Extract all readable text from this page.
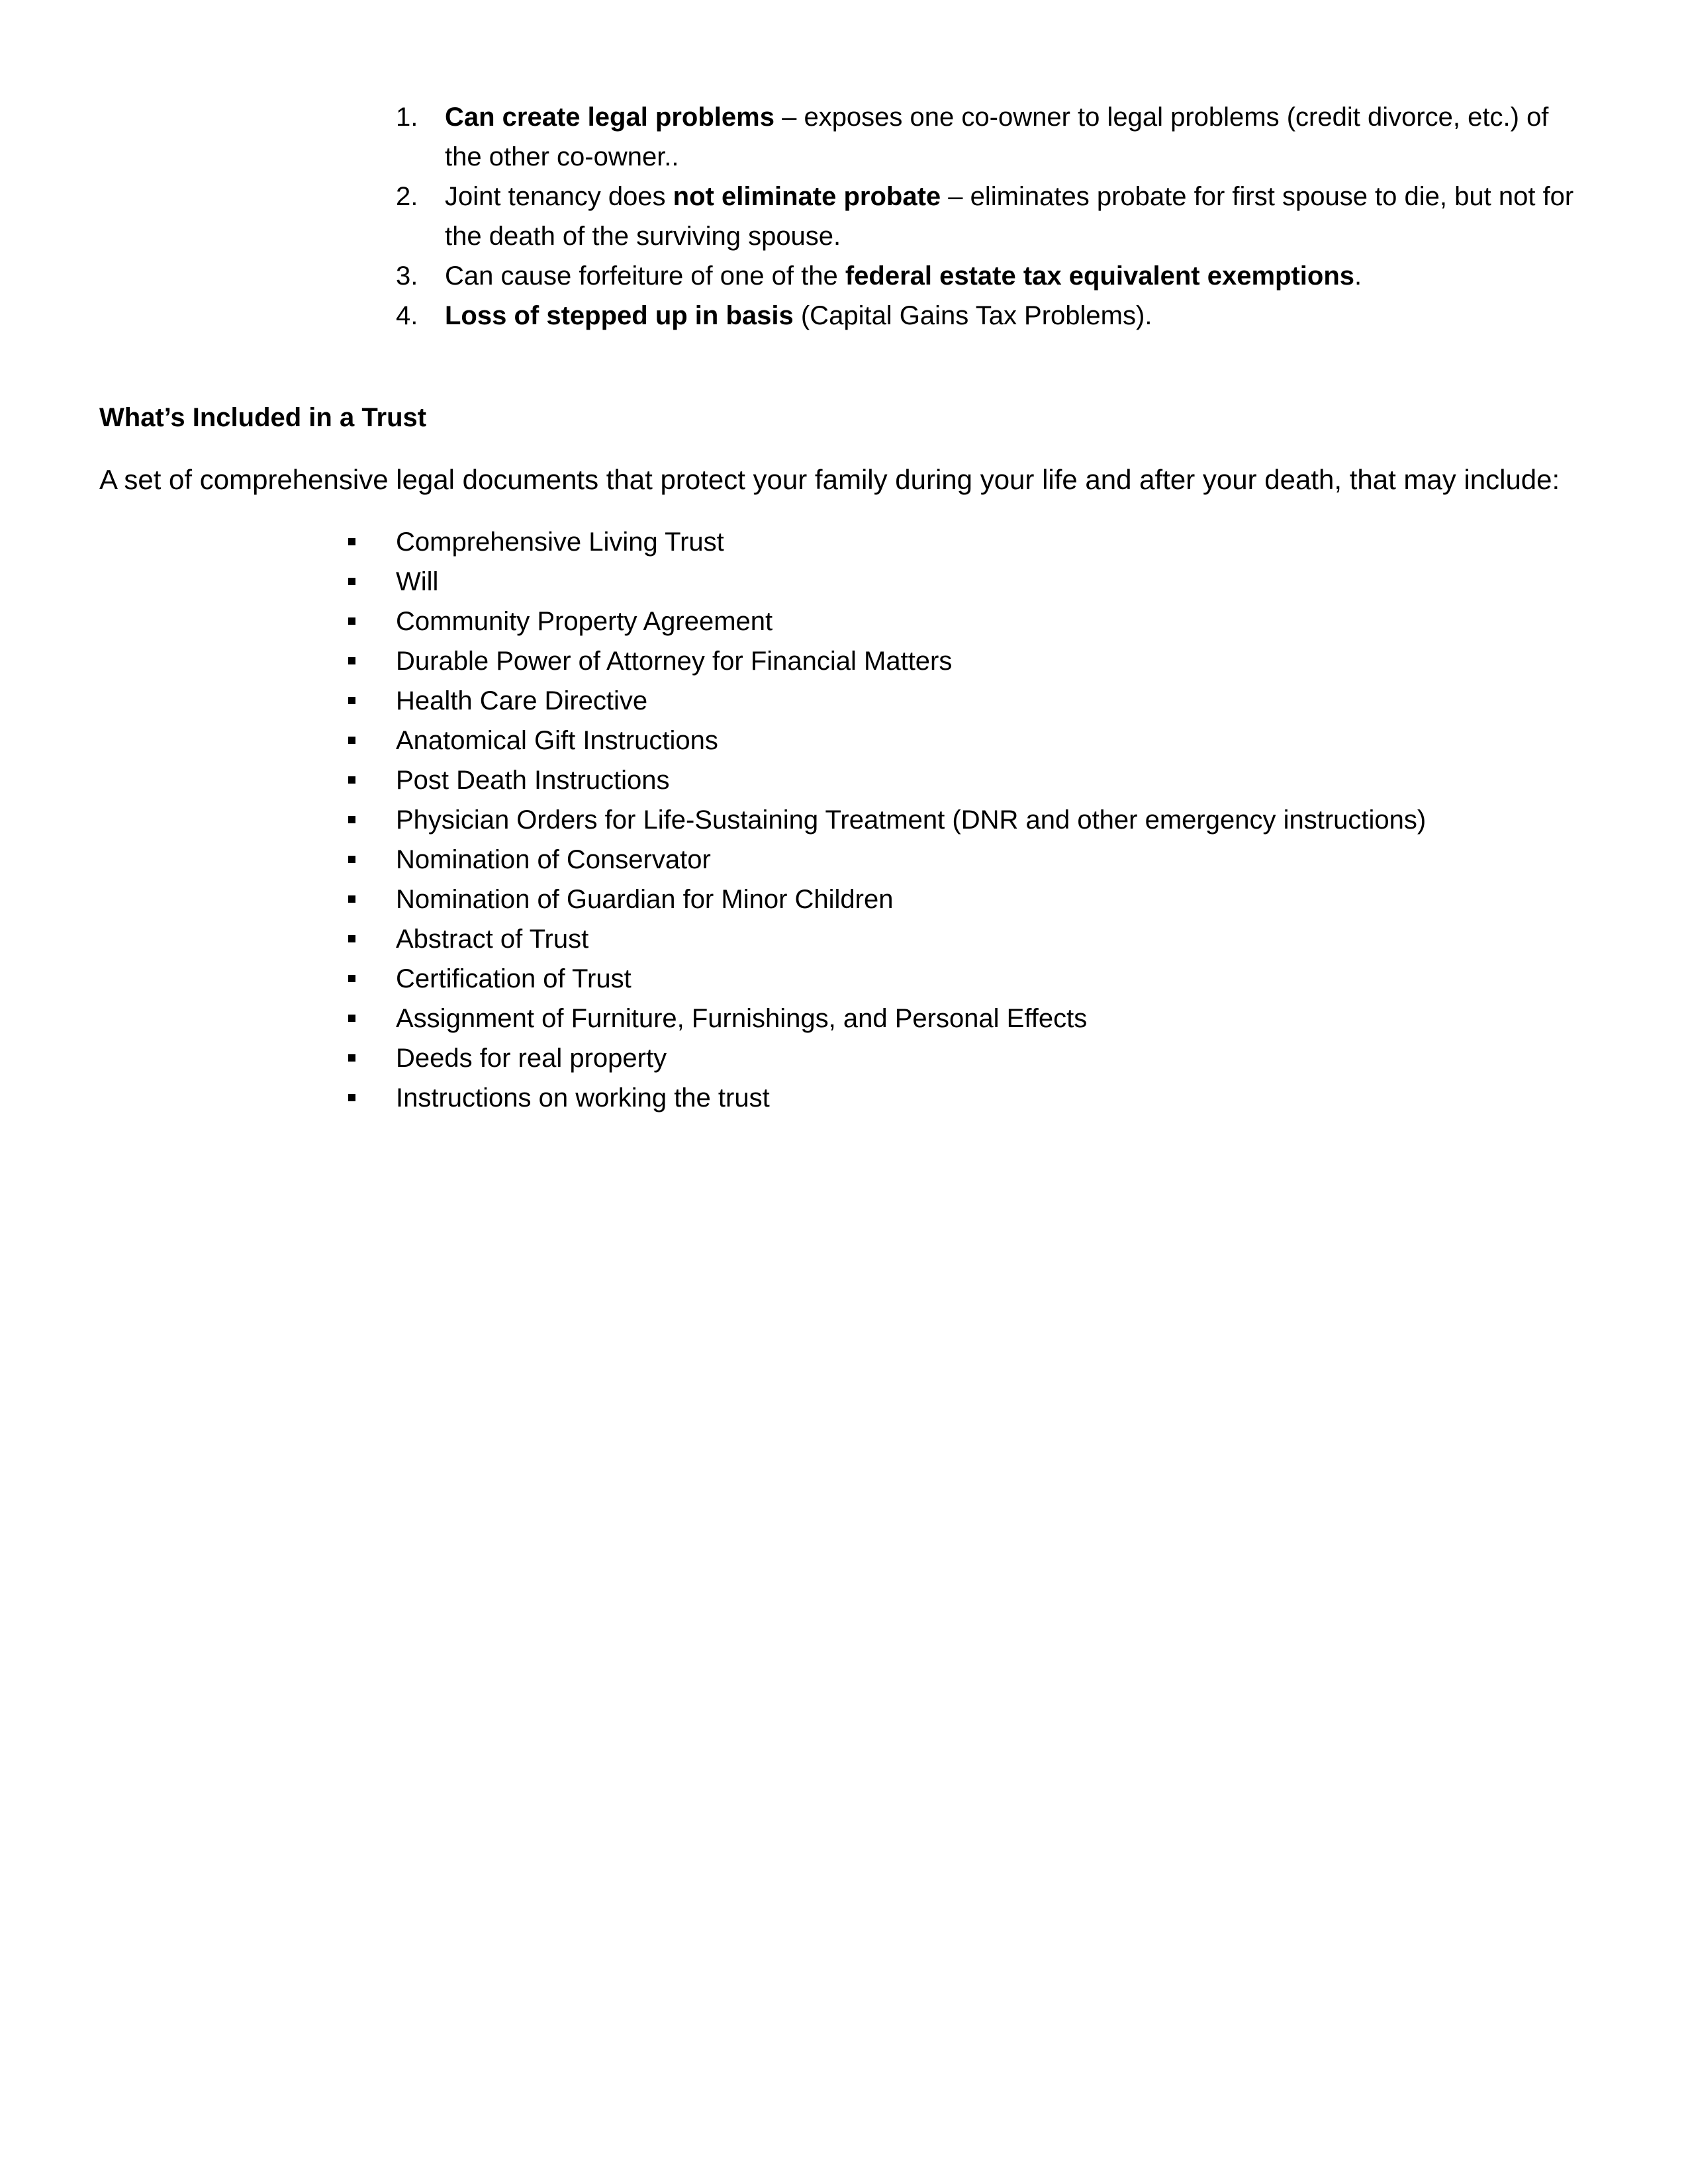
1. Can create legal problems – exposes one co-owner to legal problems (credit divorce, etc.) of the other co-owner..
2. Joint tenancy does not eliminate probate – eliminates probate for first spouse to die, but not for the death of the surviving spouse.
3. Can cause forfeiture of one of the federal estate tax equivalent exemptions.
4. Loss of stepped up in basis (Capital Gains Tax Problems).
What’s Included in a Trust

A set of comprehensive legal documents that protect your family during your life and after your death, that may include:

Comprehensive Living Trust
Will
Community Property Agreement
Durable Power of Attorney for Financial Matters
Health Care Directive
Anatomical Gift Instructions
Post Death Instructions
Physician Orders for Life-Sustaining Treatment (DNR and other emergency instructions)
Nomination of Conservator
Nomination of Guardian for Minor Children
Abstract of Trust
Certification of Trust
Assignment of Furniture, Furnishings, and Personal Effects
Deeds for real property
Instructions on working the trust
